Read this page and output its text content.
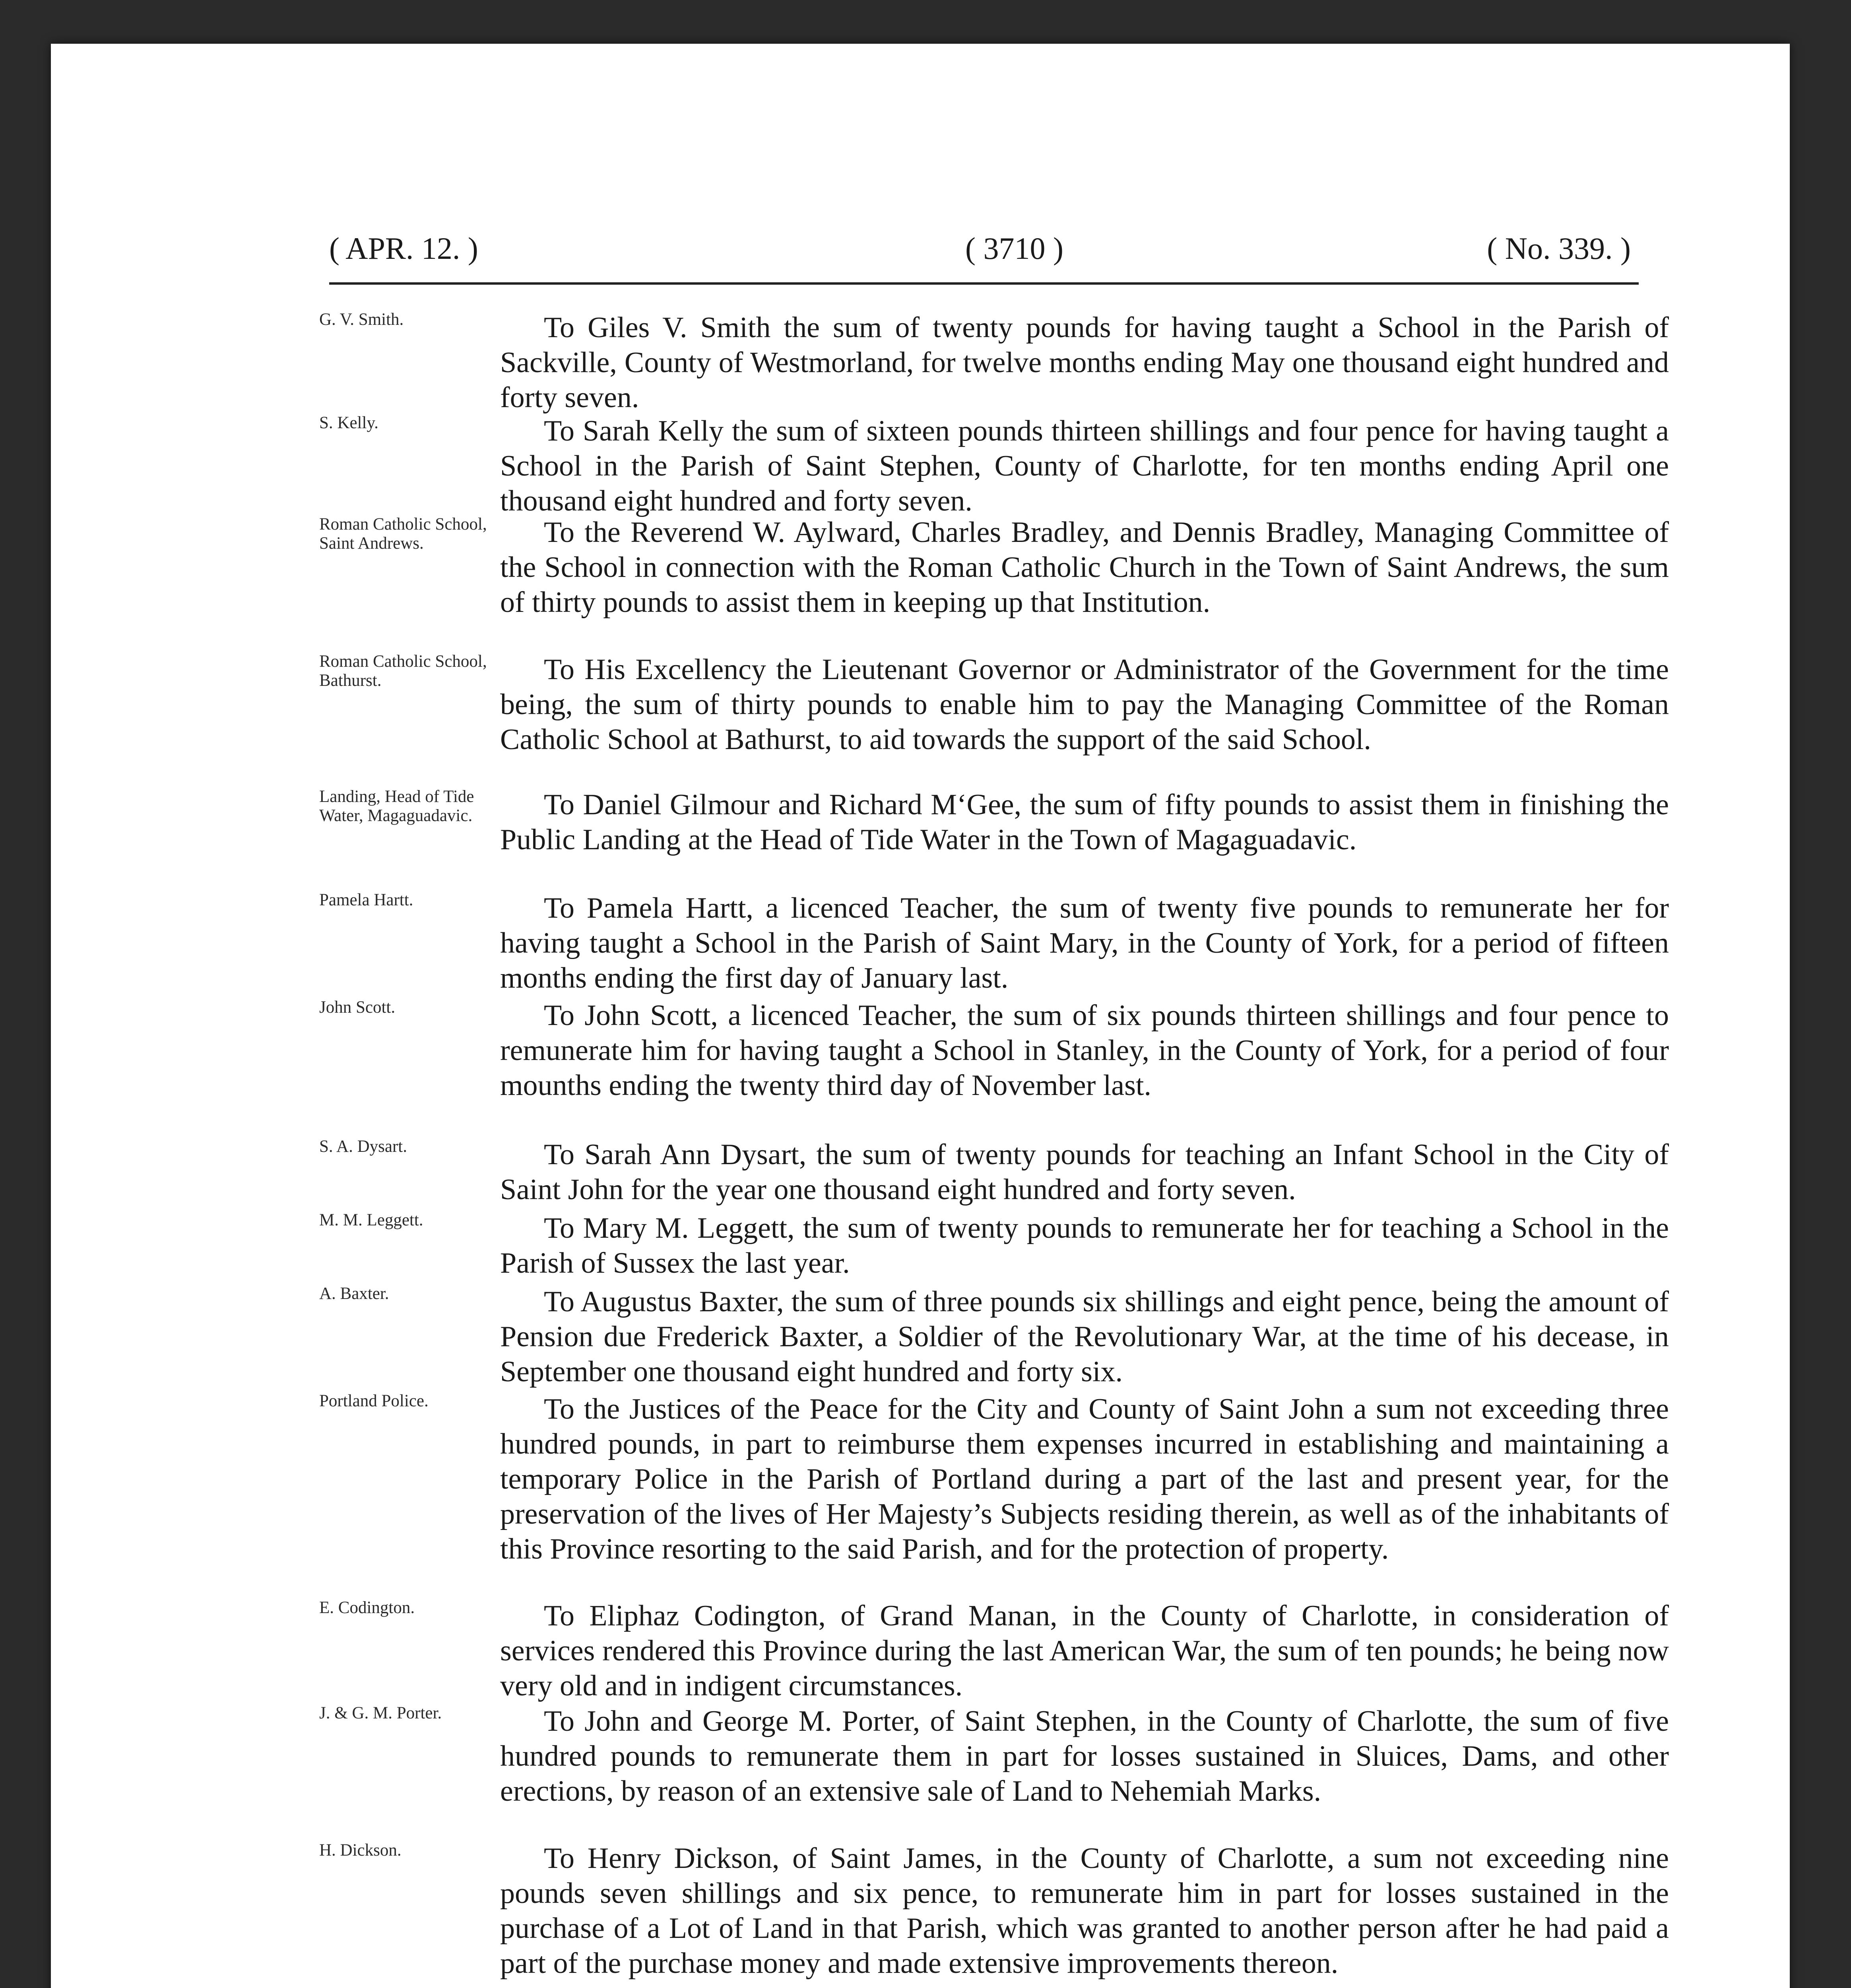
( APR. 12. )	( 3710 )	( No. 339. )
G. V. Smith.	To Giles V. Smith the sum of twenty pounds for having taught a School in the Parish of Sackville, County of Westmorland, for twelve months ending May one thousand eight hundred and forty seven.
S. Kelly.	To Sarah Kelly the sum of sixteen pounds thirteen shillings and four pence for having taught a School in the Parish of Saint Stephen, County of Charlotte, for ten months ending April one thousand eight hundred and forty seven.
Roman Catholic School, Saint Andrews.	To the Reverend W. Aylward, Charles Bradley, and Dennis Bradley, Managing Committee of the School in connection with the Roman Catholic Church in the Town of Saint Andrews, the sum of thirty pounds to assist them in keeping up that Institution.
Roman Catholic School, Bathurst.	To His Excellency the Lieutenant Governor or Administrator of the Government for the time being, the sum of thirty pounds to enable him to pay the Managing Committee of the Roman Catholic School at Bathurst, to aid towards the support of the said School.
Landing, Head of Tide Water, Magaguadavic.	To Daniel Gilmour and Richard M‘Gee, the sum of fifty pounds to assist them in finishing the Public Landing at the Head of Tide Water in the Town of Magaguadavic.
Pamela Hartt.	To Pamela Hartt, a licenced Teacher, the sum of twenty five pounds to remunerate her for having taught a School in the Parish of Saint Mary, in the County of York, for a period of fifteen months ending the first day of January last.
John Scott.	To John Scott, a licenced Teacher, the sum of six pounds thirteen shillings and four pence to remunerate him for having taught a School in Stanley, in the County of York, for a period of four mounths ending the twenty third day of November last.
S. A. Dysart.	To Sarah Ann Dysart, the sum of twenty pounds for teaching an Infant School in the City of Saint John for the year one thousand eight hundred and forty seven.
M. M. Leggett.	To Mary M. Leggett, the sum of twenty pounds to remunerate her for teaching a School in the Parish of Sussex the last year.
A. Baxter.	To Augustus Baxter, the sum of three pounds six shillings and eight pence, being the amount of Pension due Frederick Baxter, a Soldier of the Revolutionary War, at the time of his decease, in September one thousand eight hundred and forty six.
Portland Police.	To the Justices of the Peace for the City and County of Saint John a sum not exceeding three hundred pounds, in part to reimburse them expenses incurred in establishing and maintaining a temporary Police in the Parish of Portland during a part of the last and present year, for the preservation of the lives of Her Majesty’s Subjects residing therein, as well as of the inhabitants of this Province resorting to the said Parish, and for the protection of property.
E. Codington.	To Eliphaz Codington, of Grand Manan, in the County of Charlotte, in consideration of services rendered this Province during the last American War, the sum of ten pounds; he being now very old and in indigent circumstances.
J. & G. M. Porter.	To John and George M. Porter, of Saint Stephen, in the County of Charlotte, the sum of five hundred pounds to remunerate them in part for losses sustained in Sluices, Dams, and other erections, by reason of an extensive sale of Land to Nehemiah Marks.
H. Dickson.	To Henry Dickson, of Saint James, in the County of Charlotte, a sum not exceeding nine pounds seven shillings and six pence, to remunerate him in part for losses sustained in the purchase of a Lot of Land in that Parish, which was granted to another person after he had paid a part of the purchase money and made extensive improvements thereon.
